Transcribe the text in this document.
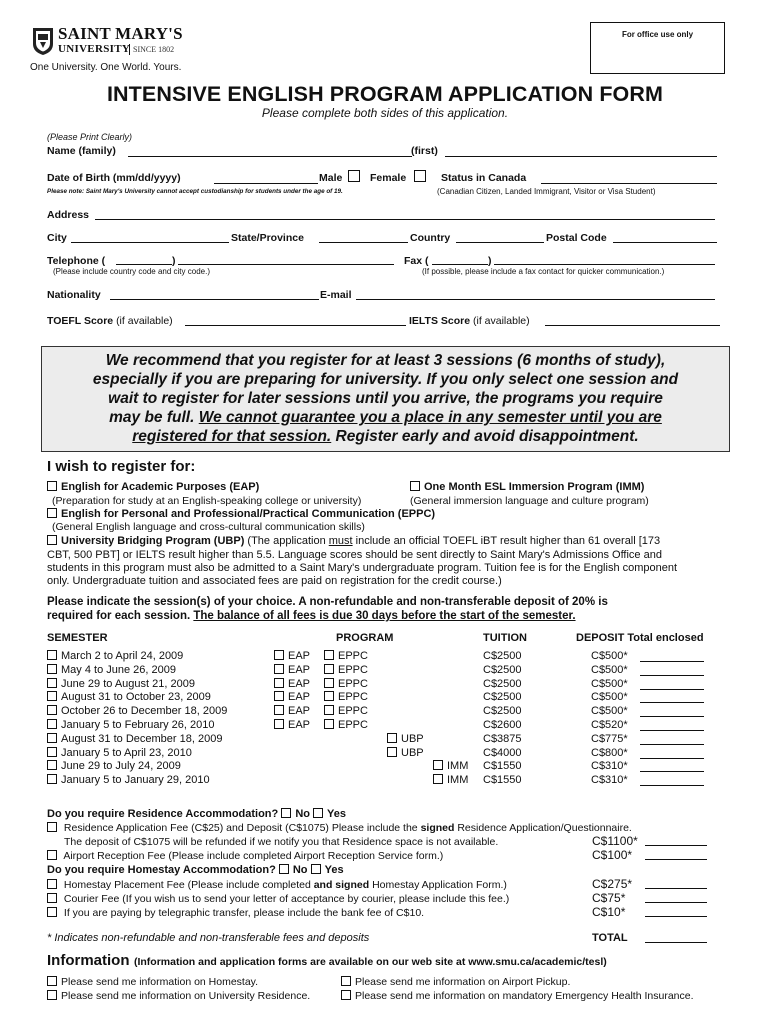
SAINT MARY'S
UNIVERSITY SINCE 1802
One University. One World. Yours.
For office use only
INTENSIVE ENGLISH PROGRAM APPLICATION FORM
Please complete both sides of this application.
(Please Print Clearly)
Name (family)	(first)
Date of Birth (mm/dd/yyyy)	Male	Female	Status in Canada
Please note: Saint Mary's University cannot accept custodianship for students under the age of 19.	(Canadian Citizen, Landed Immigrant, Visitor or Visa Student)
Address
City	State/Province	Country	Postal Code
Telephone (	)	Fax (	)
(Please include country code and city code.)	(If possible, please include a fax contact for quicker communication.)
Nationality	E-mail
TOEFL Score (if available)	IELTS Score (if available)
We recommend that you register for at least 3 sessions (6 months of study),
especially if you are preparing for university. If you only select one session and
wait to register for later sessions until you arrive, the programs you require
may be full. We cannot guarantee you a place in any semester until you are
registered for that session. Register early and avoid disappointment.
I wish to register for:
English for Academic Purposes (EAP)	One Month ESL Immersion Program (IMM)
(Preparation for study at an English-speaking college or university)	(General immersion language and culture program)
English for Personal and Professional/Practical Communication (EPPC)
(General English language and cross-cultural communication skills)
University Bridging Program (UBP) (The application must include an official TOEFL iBT result higher than 61 overall [173
CBT, 500 PBT] or IELTS result higher than 5.5. Language scores should be sent directly to Saint Mary's Admissions Office and
students in this program must also be admitted to a Saint Mary's undergraduate program. Tuition fee is for the English component
only. Undergraduate tuition and associated fees are paid on registration for the credit course.)
Please indicate the session(s) of your choice. A non-refundable and non-transferable deposit of 20% is
required for each session. The balance of all fees is due 30 days before the start of the semester.
SEMESTER	PROGRAM	TUITION	DEPOSIT Total enclosed
March 2 to April 24, 2009	EAP	EPPC	C$2500	C$500*
May 4 to June 26, 2009	EAP	EPPC	C$2500	C$500*
June 29 to August 21, 2009	EAP	EPPC	C$2500	C$500*
August 31 to October 23, 2009	EAP	EPPC	C$2500	C$500*
October 26 to December 18, 2009	EAP	EPPC	C$2500	C$500*
January 5 to February 26, 2010	EAP	EPPC	C$2600	C$520*
August 31 to December 18, 2009	UBP	C$3875	C$775*
January 5 to April 23, 2010	UBP	C$4000	C$800*
June 29 to July 24, 2009	IMM C$1550	C$310*
January 5 to January 29, 2010	IMM C$1550	C$310*
Do you require Residence Accommodation? No Yes
Residence Application Fee (C$25) and Deposit (C$1075) Please include the signed Residence Application/Questionnaire.
The deposit of C$1075 will be refunded if we notify you that Residence space is not available.	C$1100*
Airport Reception Fee (Please include completed Airport Reception Service form.)	C$100*
Do you require Homestay Accommodation? No Yes
Homestay Placement Fee (Please include completed and signed Homestay Application Form.)	C$275*
Courier Fee (If you wish us to send your letter of acceptance by courier, please include this fee.)	C$75*
If you are paying by telegraphic transfer, please include the bank fee of C$10.	C$10*
* Indicates non-refundable and non-transferable fees and deposits	TOTAL
Information (Information and application forms are available on our web site at www.smu.ca/academic/tesl)
Please send me information on Homestay.	Please send me information on Airport Pickup.
Please send me information on University Residence.	Please send me information on mandatory Emergency Health Insurance.
